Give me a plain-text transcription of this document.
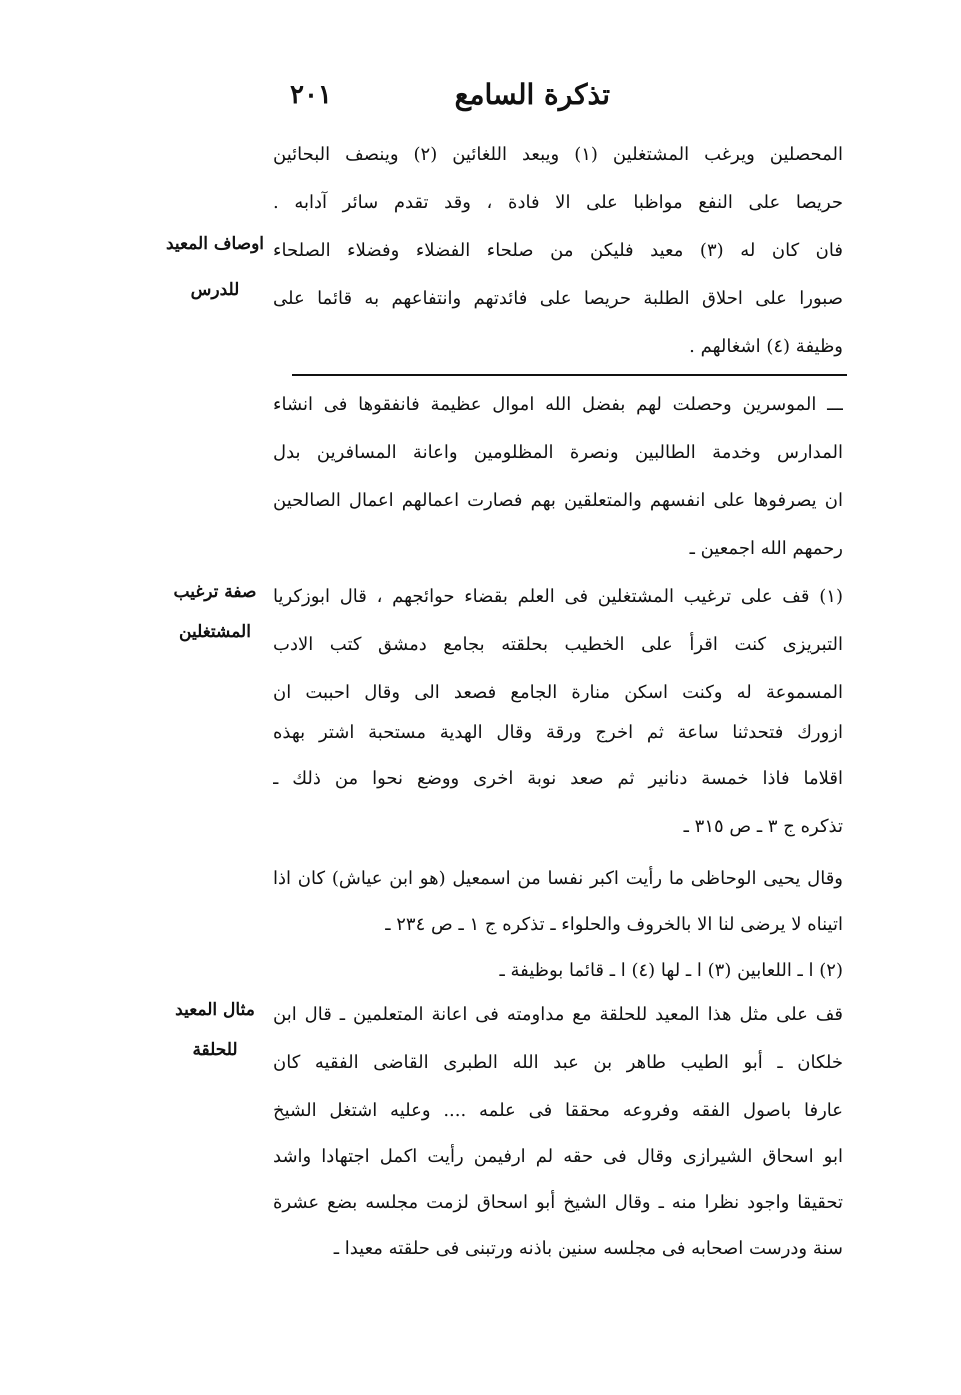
تذكرة السامع
٢٠١
المحصلين ويرغب المشتغلين (١) ويبعد اللغائين (٢) وينصف البحائين
حريصا على النفع مواظبا على الا فادة ، وقد تقدم سائر آدابه .
فان كان له (٣) معيد فليكن من صلحاء الفضلاء وفضلاء الصلحاء
صبورا على احلاق الطلبة حريصا على فائدتهم وانتفاعهم به قائما على
وظيفة (٤) اشغالهم .
اوصاف المعيد
للدرس
ـــ الموسرين وحصلت لهم بفضل الله اموال عظيمة فانفقوها فى انشاء
المدارس وخدمة الطالبين ونصرة المظلومين واعانة المسافرين بدل
ان يصرفوها على انفسهم والمتعلقين بهم فصارت اعمالهم اعمال الصالحين
رحمهم الله اجمعين ـ
(١) قف على ترغيب المشتغلين فى العلم بقضاء حوائجهم ، قال ابوزكريا
التبريزى كنت اقرأ على الخطيب بحلقته بجامع دمشق كتب الادب
المسموعة له وكنت اسكن منارة الجامع فصعد الى وقال احببت ان
ازورك فتحدثنا ساعة ثم اخرج ورقة وقال الهدية مستحبة اشتر بهذه
اقلاما فاذا خمسة دنانير ثم صعد نوبة اخرى ووضع نحوا من ذلك ـ
تذكره ج ٣ ـ ص ٣١٥ ـ
صفة ترغيب
المشتغلين
وقال يحيى الوحاظى ما رأيت اكبر نفسا من اسمعيل (هو ابن عياش) كان اذا
اتيناه لا يرضى لنا الا بالخروف والحلواء ـ تذكره ج ١ ـ ص ٢٣٤ ـ
(٢) ا ـ اللعابين (٣) ا ـ لها (٤) ا ـ قائما بوظيفة ـ
قف على مثل هذا المعيد للحلقة مع مداومته فى اعانة المتعلمين ـ قال ابن
خلكان ـ أبو الطيب طاهر بن عبد الله الطبرى القاضى الفقيه كان
عارفا باصول الفقه وفروعه محققا فى علمه .... وعليه اشتغل الشيخ
ابو اسحاق الشيرازى وقال فى حقه لم ارفيمن رأيت اكمل اجتهادا واشد
تحقيقا واجود نظرا منه ـ وقال الشيخ أبو اسحاق لزمت مجلسه بضع عشرة
سنة ودرست اصحابه فى مجلسه سنين باذنه ورتبنى فى حلقته معيدا ـ
مثال المعيد
للحلقة
